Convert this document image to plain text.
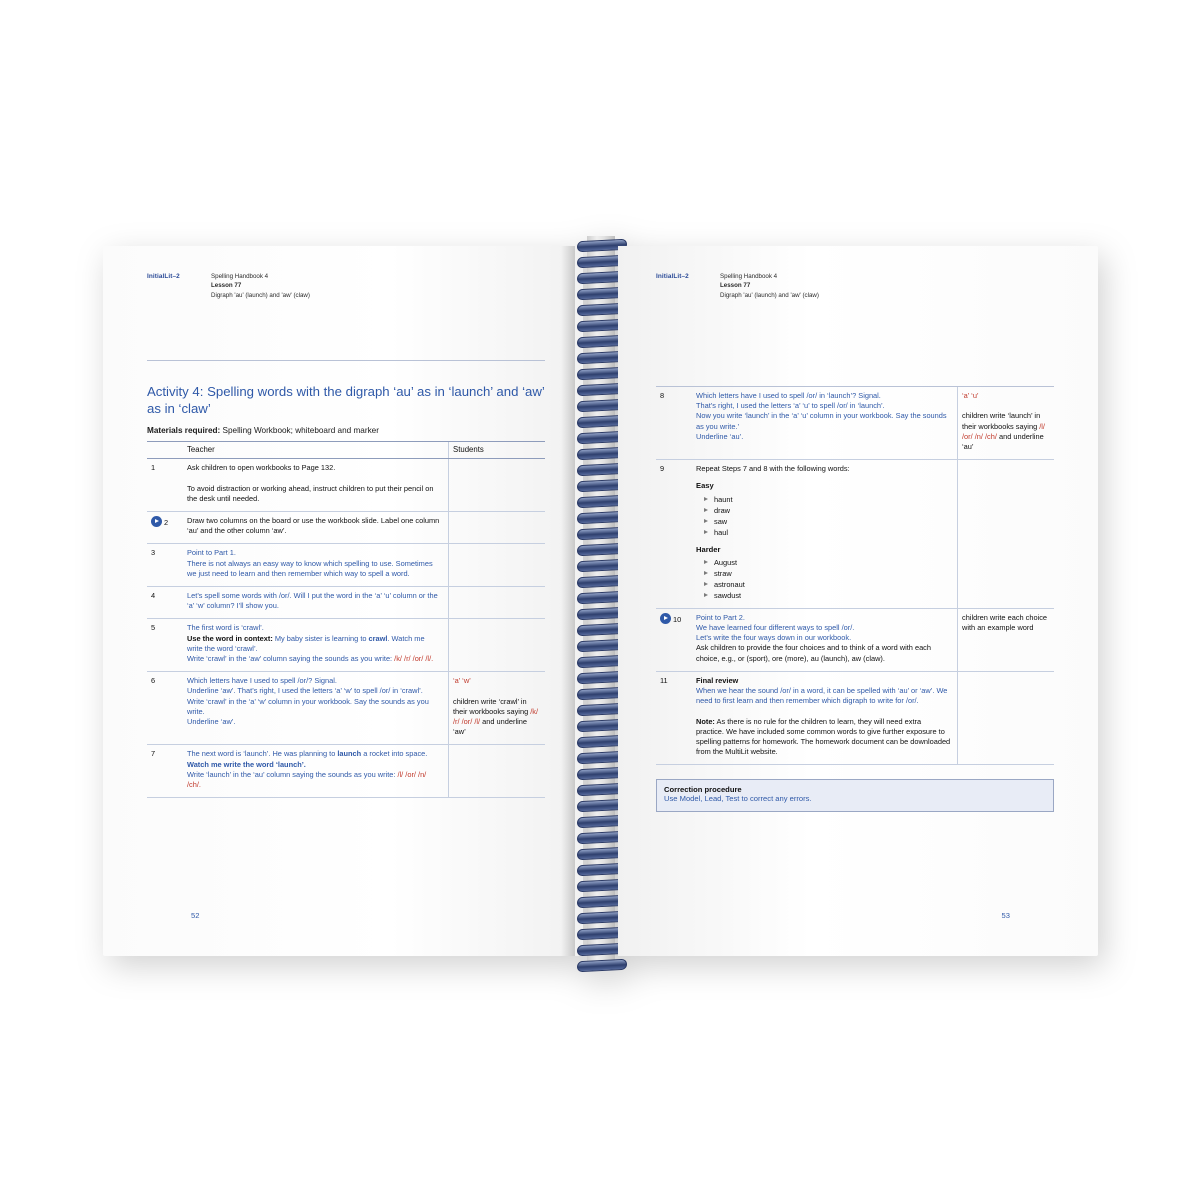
InitialLit–2	Spelling Handbook 4
Lesson 77
Digraph 'au' (launch) and 'aw' (claw)
Activity 4: Spelling words with the digraph ‘au’ as in ‘launch’ and ‘aw’ as in ‘claw’
Materials required: Spelling Workbook; whiteboard and marker
	Teacher	Students
1	Ask children to open workbooks to Page 132.

To avoid distraction or working ahead, instruct children to put their pencil on the desk until needed.	
2	Draw two columns on the board or use the workbook slide. Label one column ‘au’ and the other column ‘aw’.	
3	Point to Part 1.
There is not always an easy way to know which spelling to use. Sometimes we just need to learn and then remember which way to spell a word.	
4	Let’s spell some words with /or/. Will I put the word in the ‘a’ ‘u’ column or the ‘a’ ‘w’ column? I’ll show you.	
5	The first word is ‘crawl’.
Use the word in context: My baby sister is learning to crawl. Watch me write the word ‘crawl’.
Write ‘crawl’ in the ‘aw’ column saying the sounds as you write: /k/ /r/ /or/ /l/.	
6	Which letters have I used to spell /or/? Signal.
Underline ‘aw’. That’s right, I used the letters ‘a’ ‘w’ to spell /or/ in ‘crawl’.
Write ‘crawl’ in the ‘a’ ‘w’ column in your workbook. Say the sounds as you write.
Underline ‘aw’.	‘a’ ‘w’

children write ‘crawl’ in their workbooks saying /k/ /r/ /or/ /l/ and underline ‘aw’
7	The next word is ‘launch’. He was planning to launch a rocket into space.
Watch me write the word ‘launch’.
Write ‘launch’ in the ‘au’ column saying the sounds as you write: /l/ /or/ /n/ /ch/.	
52
InitialLit–2	Spelling Handbook 4
Lesson 77
Digraph 'au' (launch) and 'aw' (claw)
8	Which letters have I used to spell /or/ in ‘launch’? Signal.
That’s right, I used the letters ‘a’ ‘u’ to spell /or/ in ‘launch’.
Now you write ‘launch’ in the ‘a’ ‘u’ column in your workbook. Say the sounds as you write.’
Underline ‘au’.	‘a’ ‘u’

children write ‘launch’ in their workbooks saying /l/ /or/ /n/ /ch/ and underline ‘au’
9	Repeat Steps 7 and 8 with the following words:
Easy
haunt
draw
saw
haul
Harder
August
straw
astronaut
sawdust

10	Point to Part 2.
We have learned four different ways to spell /or/.
Let’s write the four ways down in our workbook.
Ask children to provide the four choices and to think of a word with each choice, e.g., or (sport), ore (more), au (launch), aw (claw).	children write each choice with an example word
11	Final review
When we hear the sound /or/ in a word, it can be spelled with ‘au’ or ‘aw’. We need to first learn and then remember which digraph to write for /or/.

Note: As there is no rule for the children to learn, they will need extra practice. We have included some common words to give further exposure to spelling patterns for homework. The homework document can be downloaded from the MultiLit website.	
Correction procedure
Use Model, Lead, Test to correct any errors.
53
